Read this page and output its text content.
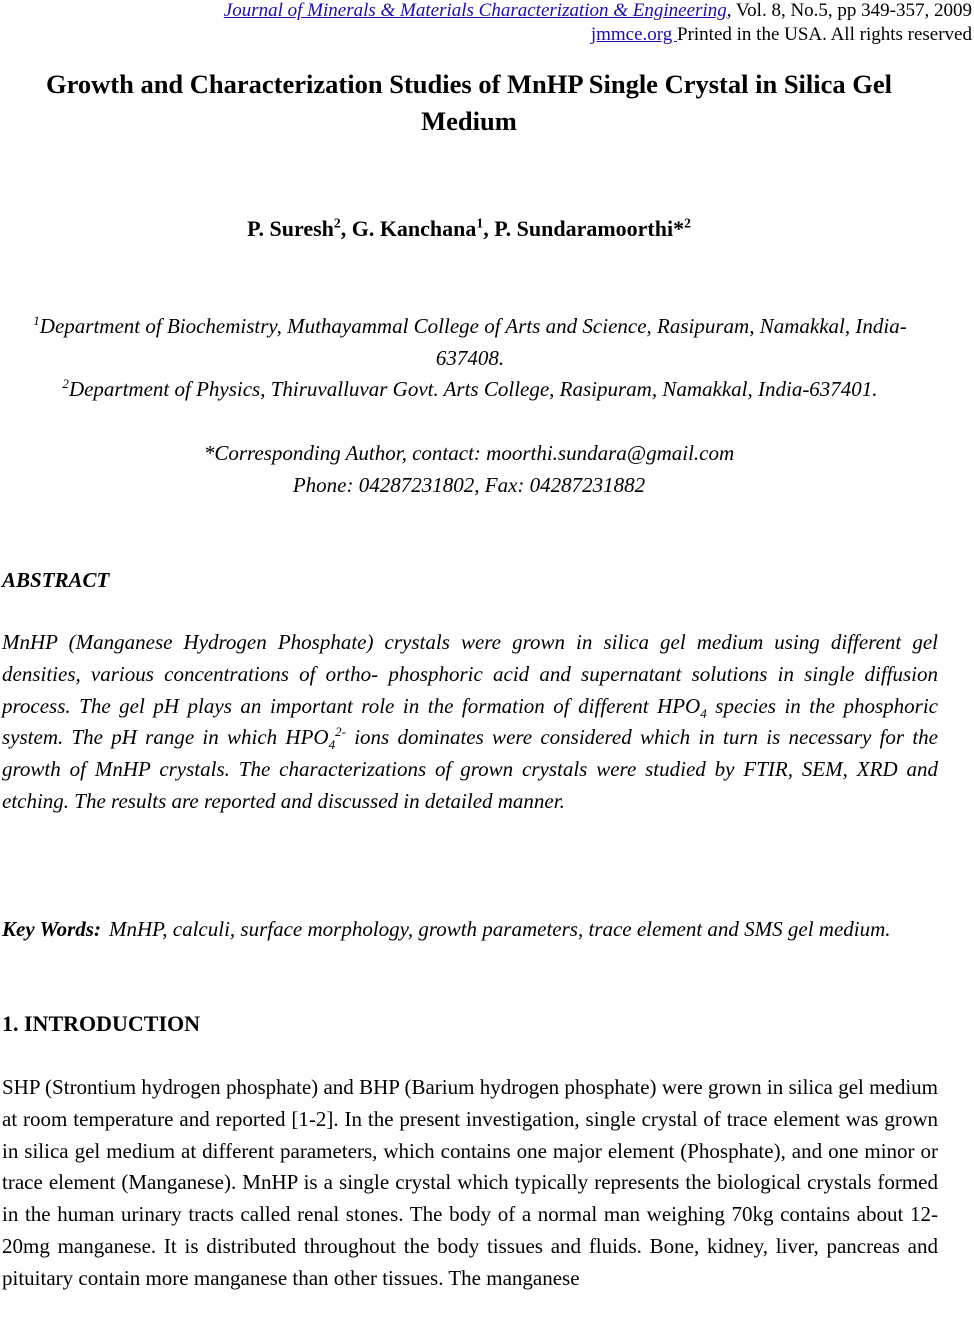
Journal of Minerals & Materials Characterization & Engineering, Vol. 8, No.5, pp 349-357, 2009
jmmce.org Printed in the USA. All rights reserved
Growth and Characterization Studies of MnHP Single Crystal in Silica Gel Medium
P. Suresh$^2$, G. Kanchana$^1$, P. Sundaramoorthi*$^2$
$^1$Department of Biochemistry, Muthayammal College of Arts and Science, Rasipuram, Namakkal, India-637408.
$^2$Department of Physics, Thiruvalluvar Govt. Arts College, Rasipuram, Namakkal, India-637401.
*Corresponding Author, contact: moorthi.sundara@gmail.com
Phone: 04287231802, Fax: 04287231882
ABSTRACT

MnHP (Manganese Hydrogen Phosphate) crystals were grown in silica gel medium using different gel densities, various concentrations of ortho- phosphoric acid and supernatant solutions in single diffusion process. The gel pH plays an important role in the formation of different $HPO_4$ species in the phosphoric system. The pH range in which $HPO_4^{2-}$ ions dominates were considered which in turn is necessary for the growth of MnHP crystals. The characterizations of grown crystals were studied by FTIR, SEM, XRD and etching. The results are reported and discussed in detailed manner.

Key Words: MnHP, calculi, surface morphology, growth parameters, trace element and SMS gel medium.

1. INTRODUCTION

SHP (Strontium hydrogen phosphate) and BHP (Barium hydrogen phosphate) were grown in silica gel medium at room temperature and reported [1-2]. In the present investigation, single crystal of trace element was grown in silica gel medium at different parameters, which contains one major element (Phosphate), and one minor or trace element (Manganese). MnHP is a single crystal which typically represents the biological crystals formed in the human urinary tracts called renal stones. The body of a normal man weighing 70kg contains about 12-20mg manganese. It is distributed throughout the body tissues and fluids. Bone, kidney, liver, pancreas and pituitary contain more manganese than other tissues. The manganese
